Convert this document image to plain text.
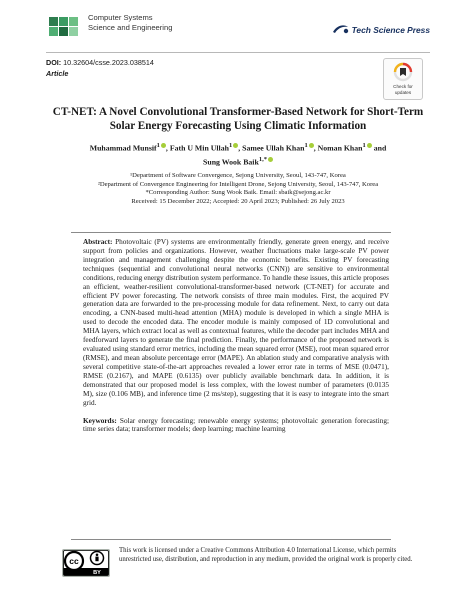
Computer Systems
Science and Engineering	Tech Science Press
DOI: 10.32604/csse.2023.038514
Article
Check for
updates
CT-NET: A Novel Convolutional Transformer-Based Network for Short-Term Solar Energy Forecasting Using Climatic Information
Muhammad Munsif$^1$ , Fath U Min Ullah$^1$ , Samee Ullah Khan$^1$ , Noman Khan$^1$ and
Sung Wook Baik$^{1,*}$
¹Department of Software Convergence, Sejong University, Seoul, 143-747, Korea
²Department of Convergence Engineering for Intelligent Drone, Sejong University, Seoul, 143-747, Korea
*Corresponding Author: Sung Wook Baik. Email: sbaik@sejong.ac.kr
Received: 15 December 2022; Accepted: 20 April 2023; Published: 26 July 2023

Abstract: Photovoltaic (PV) systems are environmentally friendly, generate green energy, and receive support from policies and organizations. However, weather fluctuations make large-scale PV power integration and management challenging despite the economic benefits. Existing PV forecasting techniques (sequential and convolutional neural networks (CNN)) are sensitive to environmental conditions, reducing energy distribution system performance. To handle these issues, this article proposes an efficient, weather-resilient convolutional-transformer-based network (CT-NET) for accurate and efficient PV power forecasting. The network consists of three main modules. First, the acquired PV generation data are forwarded to the pre-processing module for data refinement. Next, to carry out data encoding, a CNN-based multi-head attention (MHA) module is developed in which a single MHA is used to decode the encoded data. The encoder module is mainly composed of 1D convolutional and MHA layers, which extract local as well as contextual features, while the decoder part includes MHA and feedforward layers to generate the final prediction. Finally, the performance of the proposed network is evaluated using standard error metrics, including the mean squared error (MSE), root mean squared error (RMSE), and mean absolute percentage error (MAPE). An ablation study and comparative analysis with several competitive state-of-the-art approaches revealed a lower error rate in terms of MSE (0.0471), RMSE (0.2167), and MAPE (0.6135) over publicly available benchmark data. In addition, it is demonstrated that our proposed model is less complex, with the lowest number of parameters (0.0135 M), size (0.106 MB), and inference time (2 ms/step), suggesting that it is easy to integrate into the smart grid.

Keywords: Solar energy forecasting; renewable energy systems; photovoltaic generation forecasting; time series data; transformer models; deep learning; machine learning

cc
BY
This work is licensed under a Creative Commons Attribution 4.0 International License, which permits unrestricted use, distribution, and reproduction in any medium, provided the original work is properly cited.
